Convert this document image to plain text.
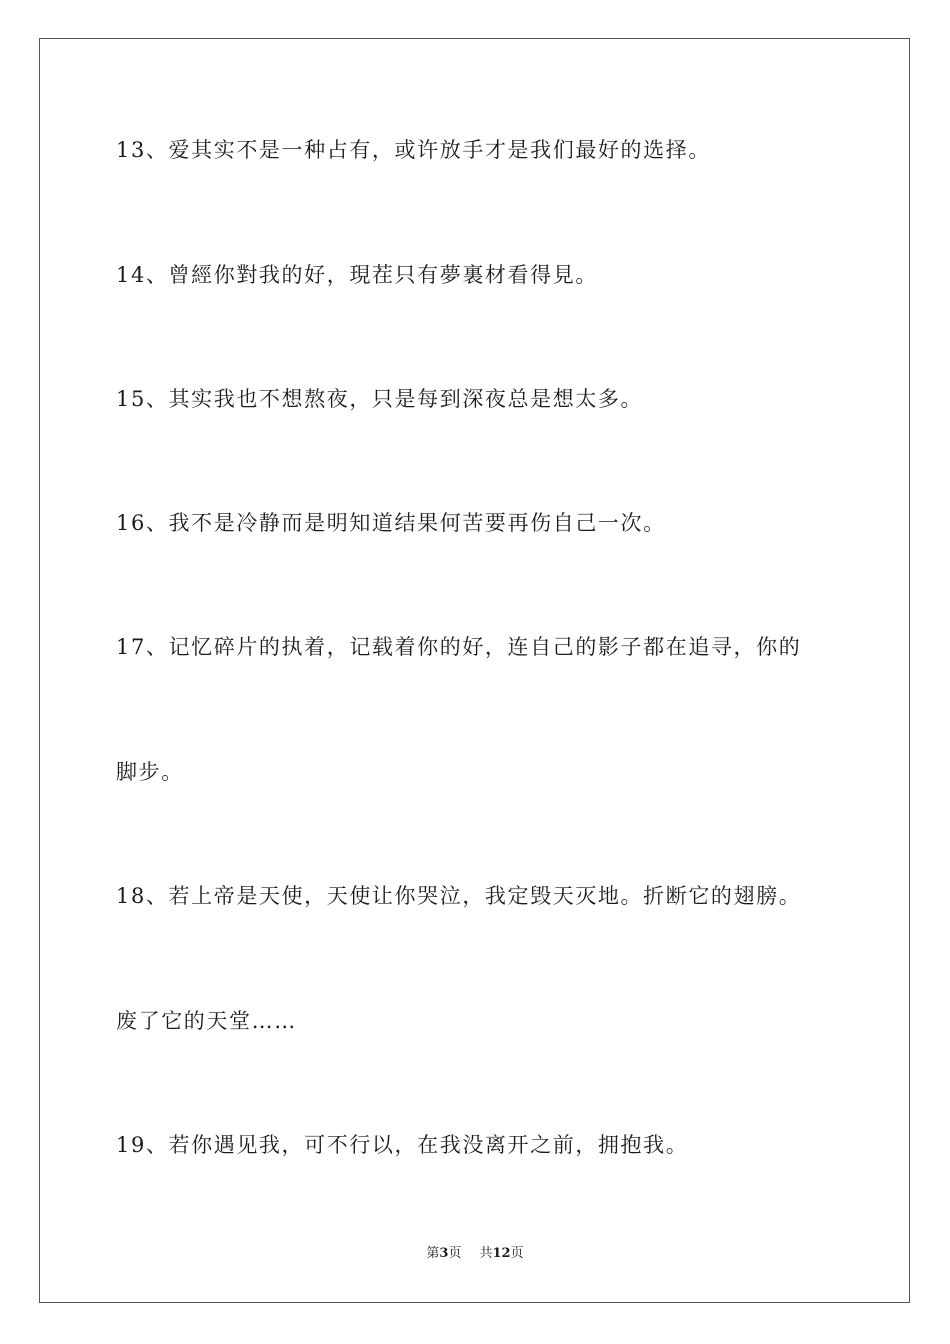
13、爱其实不是一种占有，或许放手才是我们最好的选择。
14、曾經你對我的好，現茬只有夢裏材看得見。
15、其实我也不想熬夜，只是每到深夜总是想太多。
16、我不是冷静而是明知道结果何苦要再伤自己一次。
17、记忆碎片的执着，记载着你的好，连自己的影子都在追寻，你的
脚步。
18、若上帝是天使，天使让你哭泣，我定毁天灭地。折断它的翅膀。
废了它的天堂……
19、若你遇见我，可不行以，在我没离开之前，拥抱我。
第3页 共12页
